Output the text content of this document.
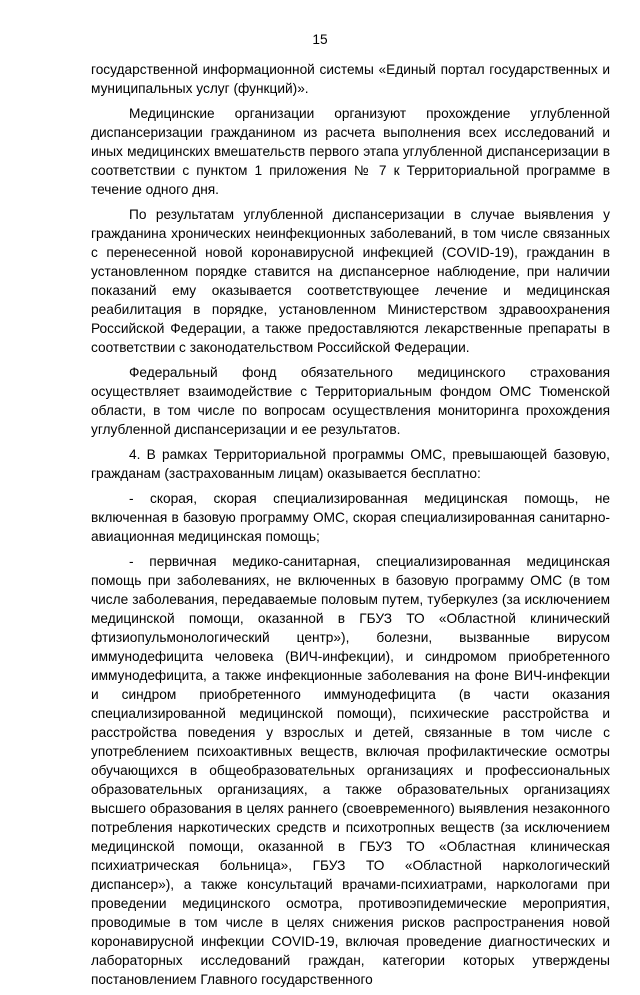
15

государственной информационной системы «Единый портал государственных и муниципальных услуг (функций)».

Медицинские организации организуют прохождение углубленной диспансеризации гражданином из расчета выполнения всех исследований и иных медицинских вмешательств первого этапа углубленной диспансеризации в соответствии с пунктом 1 приложения № 7 к Территориальной программе в течение одного дня.

По результатам углубленной диспансеризации в случае выявления у гражданина хронических неинфекционных заболеваний, в том числе связанных с перенесенной новой коронавирусной инфекцией (COVID-19), гражданин в установленном порядке ставится на диспансерное наблюдение, при наличии показаний ему оказывается соответствующее лечение и медицинская реабилитация в порядке, установленном Министерством здравоохранения Российской Федерации, а также предоставляются лекарственные препараты в соответствии с законодательством Российской Федерации.

Федеральный фонд обязательного медицинского страхования осуществляет взаимодействие с Территориальным фондом ОМС Тюменской области, в том числе по вопросам осуществления мониторинга прохождения углубленной диспансеризации и ее результатов.

4. В рамках Территориальной программы ОМС, превышающей базовую, гражданам (застрахованным лицам) оказывается бесплатно:

- скорая, скорая специализированная медицинская помощь, не включенная в базовую программу ОМС, скорая специализированная санитарно-авиационная медицинская помощь;

- первичная медико-санитарная, специализированная медицинская помощь при заболеваниях, не включенных в базовую программу ОМС (в том числе заболевания, передаваемые половым путем, туберкулез (за исключением медицинской помощи, оказанной в ГБУЗ ТО «Областной клинический фтизиопульмонологический центр»), болезни, вызванные вирусом иммунодефицита человека (ВИЧ-инфекции), и синдромом приобретенного иммунодефицита, а также инфекционные заболевания на фоне ВИЧ-инфекции и синдром приобретенного иммунодефицита (в части оказания специализированной медицинской помощи), психические расстройства и расстройства поведения у взрослых и детей, связанные в том числе с употреблением психоактивных веществ, включая профилактические осмотры обучающихся в общеобразовательных организациях и профессиональных образовательных организациях, а также образовательных организациях высшего образования в целях раннего (своевременного) выявления незаконного потребления наркотических средств и психотропных веществ (за исключением медицинской помощи, оказанной в ГБУЗ ТО «Областная клиническая психиатрическая больница», ГБУЗ ТО «Областной наркологический диспансер»), а также консультаций врачами-психиатрами, наркологами при проведении медицинского осмотра, противоэпидемические мероприятия, проводимые в том числе в целях снижения рисков распространения новой коронавирусной инфекции COVID-19, включая проведение диагностических и лабораторных исследований граждан, категории которых утверждены постановлением Главного государственного
